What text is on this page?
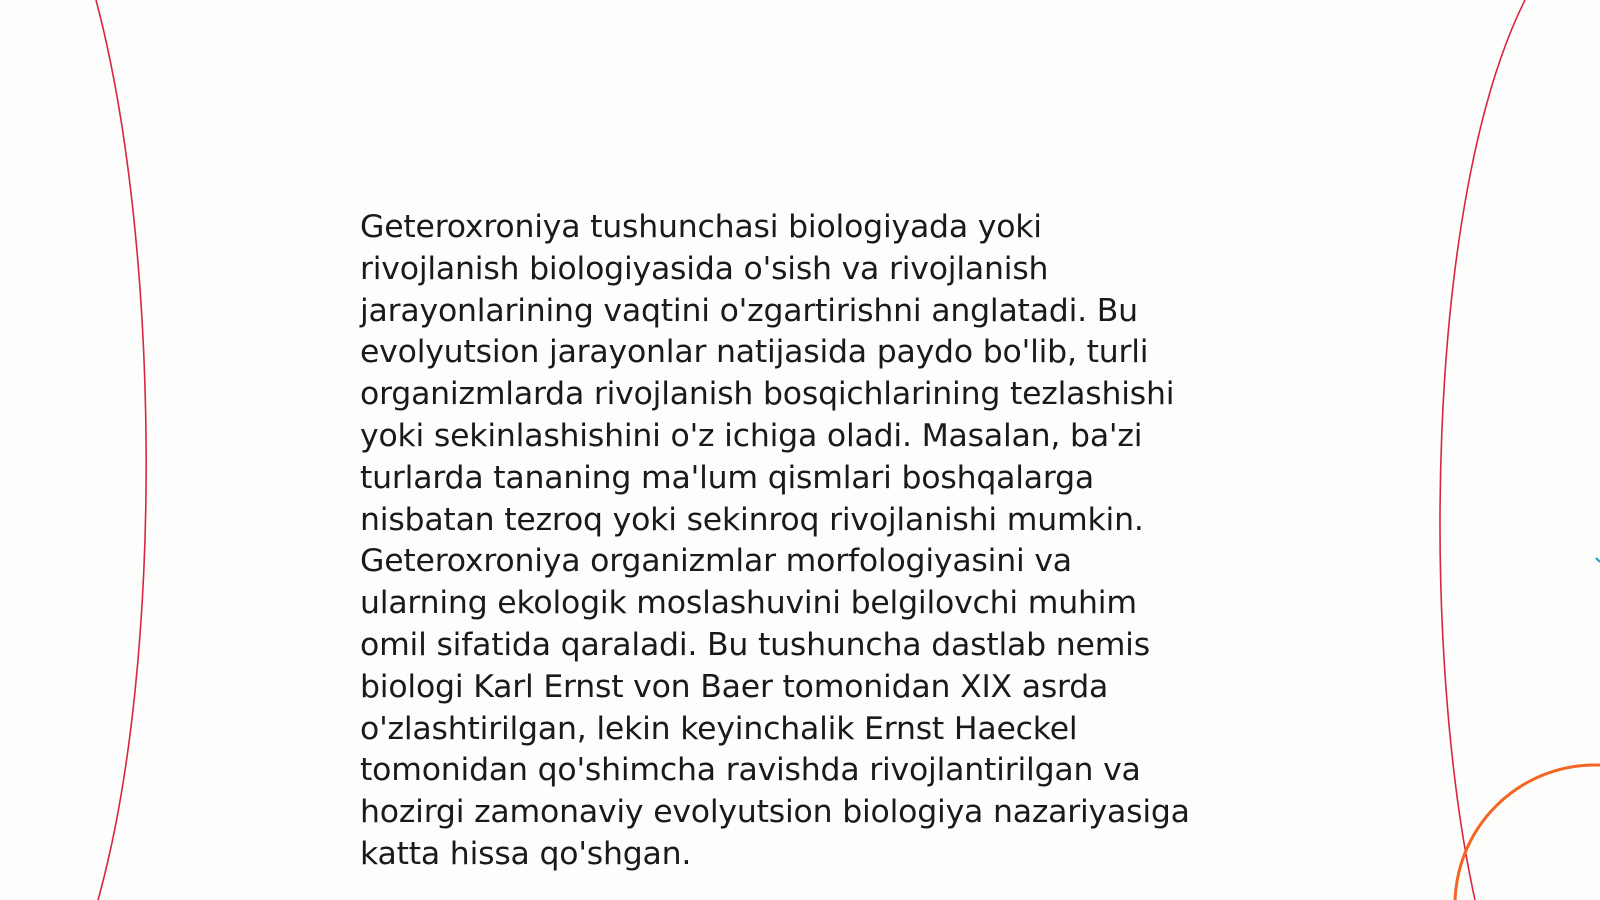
Geteroxroniya tushunchasi biologiyada yoki
rivojlanish biologiyasida o'sish va rivojlanish
jarayonlarining vaqtini o'zgartirishni anglatadi. Bu
evolyutsion jarayonlar natijasida paydo bo'lib, turli
organizmlarda rivojlanish bosqichlarining tezlashishi
yoki sekinlashishini o'z ichiga oladi. Masalan, ba'zi
turlarda tananing ma'lum qismlari boshqalarga
nisbatan tezroq yoki sekinroq rivojlanishi mumkin.
Geteroxroniya organizmlar morfologiyasini va
ularning ekologik moslashuvini belgilovchi muhim
omil sifatida qaraladi. Bu tushuncha dastlab nemis
biologi Karl Ernst von Baer tomonidan XIX asrda
o'zlashtirilgan, lekin keyinchalik Ernst Haeckel
tomonidan qo'shimcha ravishda rivojlantirilgan va
hozirgi zamonaviy evolyutsion biologiya nazariyasiga
katta hissa qo'shgan.
